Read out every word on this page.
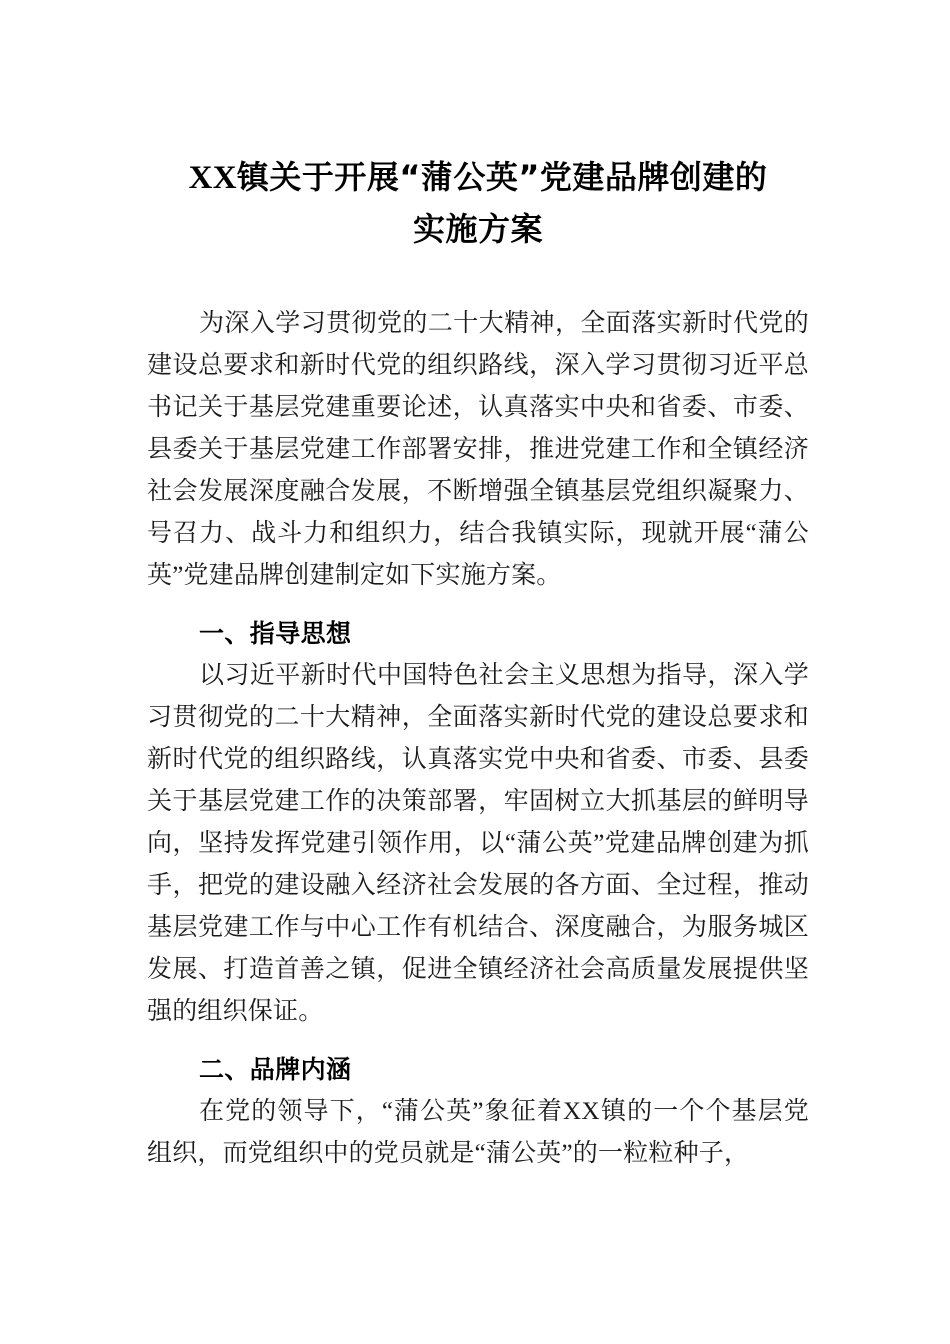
XX镇关于开展“蒲公英”党建品牌创建的
实施方案

为深入学习贯彻党的二十大精神，全面落实新时代党的建设总要求和新时代党的组织路线，深入学习贯彻习近平总书记关于基层党建重要论述，认真落实中央和省委、市委、县委关于基层党建工作部署安排，推进党建工作和全镇经济社会发展深度融合发展，不断增强全镇基层党组织凝聚力、号召力、战斗力和组织力，结合我镇实际，现就开展“蒲公英”党建品牌创建制定如下实施方案。

一、指导思想

以习近平新时代中国特色社会主义思想为指导，深入学习贯彻党的二十大精神，全面落实新时代党的建设总要求和新时代党的组织路线，认真落实党中央和省委、市委、县委关于基层党建工作的决策部署，牢固树立大抓基层的鲜明导向，坚持发挥党建引领作用，以“蒲公英”党建品牌创建为抓手，把党的建设融入经济社会发展的各方面、全过程，推动基层党建工作与中心工作有机结合、深度融合，为服务城区发展、打造首善之镇，促进全镇经济社会高质量发展提供坚强的组织保证。

二、品牌内涵

在党的领导下，“蒲公英”象征着XX镇的一个个基层党组织，而党组织中的党员就是“蒲公英”的一粒粒种子，
